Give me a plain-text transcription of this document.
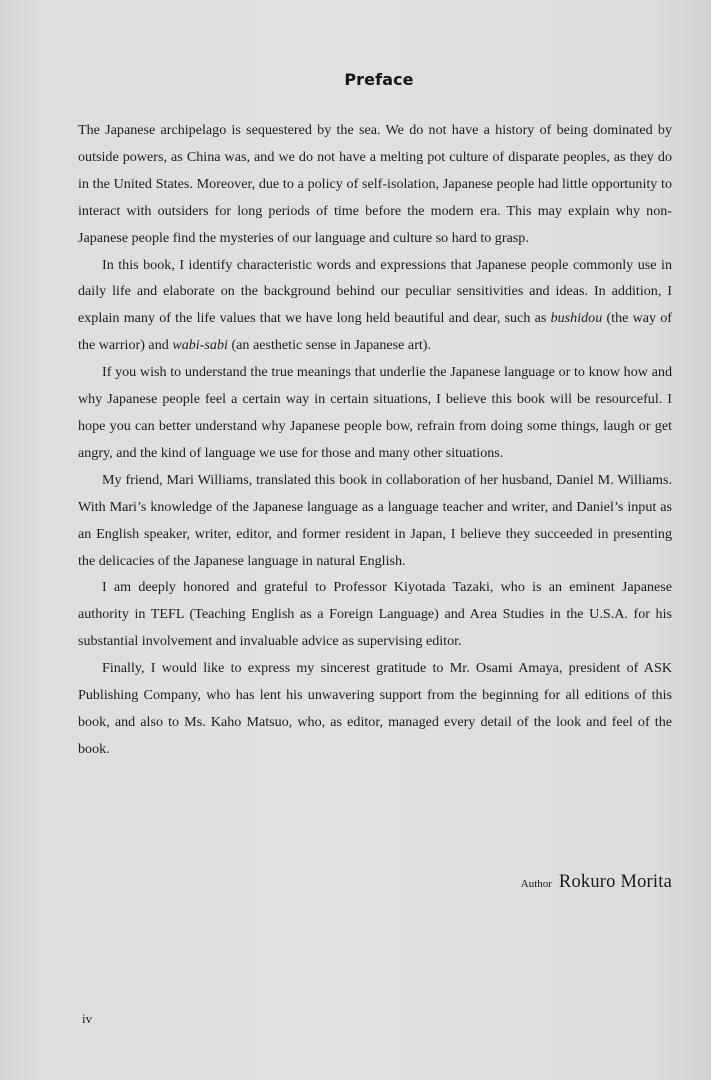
Preface

The Japanese archipelago is sequestered by the sea. We do not have a history of being dominated by outside powers, as China was, and we do not have a melting pot culture of disparate peoples, as they do in the United States. Moreover, due to a policy of self-isolation, Japanese people had little opportunity to interact with outsiders for long periods of time before the modern era. This may explain why non-Japanese people find the mysteries of our language and culture so hard to grasp.

In this book, I identify characteristic words and expressions that Japanese people commonly use in daily life and elaborate on the background behind our peculiar sensitivities and ideas. In addition, I explain many of the life values that we have long held beautiful and dear, such as bushidou (the way of the warrior) and wabi-sabi (an aesthetic sense in Japanese art).

If you wish to understand the true meanings that underlie the Japanese language or to know how and why Japanese people feel a certain way in certain situations, I believe this book will be resourceful. I hope you can better understand why Japanese people bow, refrain from doing some things, laugh or get angry, and the kind of language we use for those and many other situations.

My friend, Mari Williams, translated this book in collaboration of her husband, Daniel M. Williams. With Mari’s knowledge of the Japanese language as a language teacher and writer, and Daniel’s input as an English speaker, writer, editor, and former resident in Japan, I believe they succeeded in presenting the delicacies of the Japanese language in natural English.

I am deeply honored and grateful to Professor Kiyotada Tazaki, who is an eminent Japanese authority in TEFL (Teaching English as a Foreign Language) and Area Studies in the U.S.A. for his substantial involvement and invaluable advice as supervising editor.

Finally, I would like to express my sincerest gratitude to Mr. Osami Amaya, president of ASK Publishing Company, who has lent his unwavering support from the beginning for all editions of this book, and also to Ms. Kaho Matsuo, who, as editor, managed every detail of the look and feel of the book.

Author Rokuro Morita
iv
